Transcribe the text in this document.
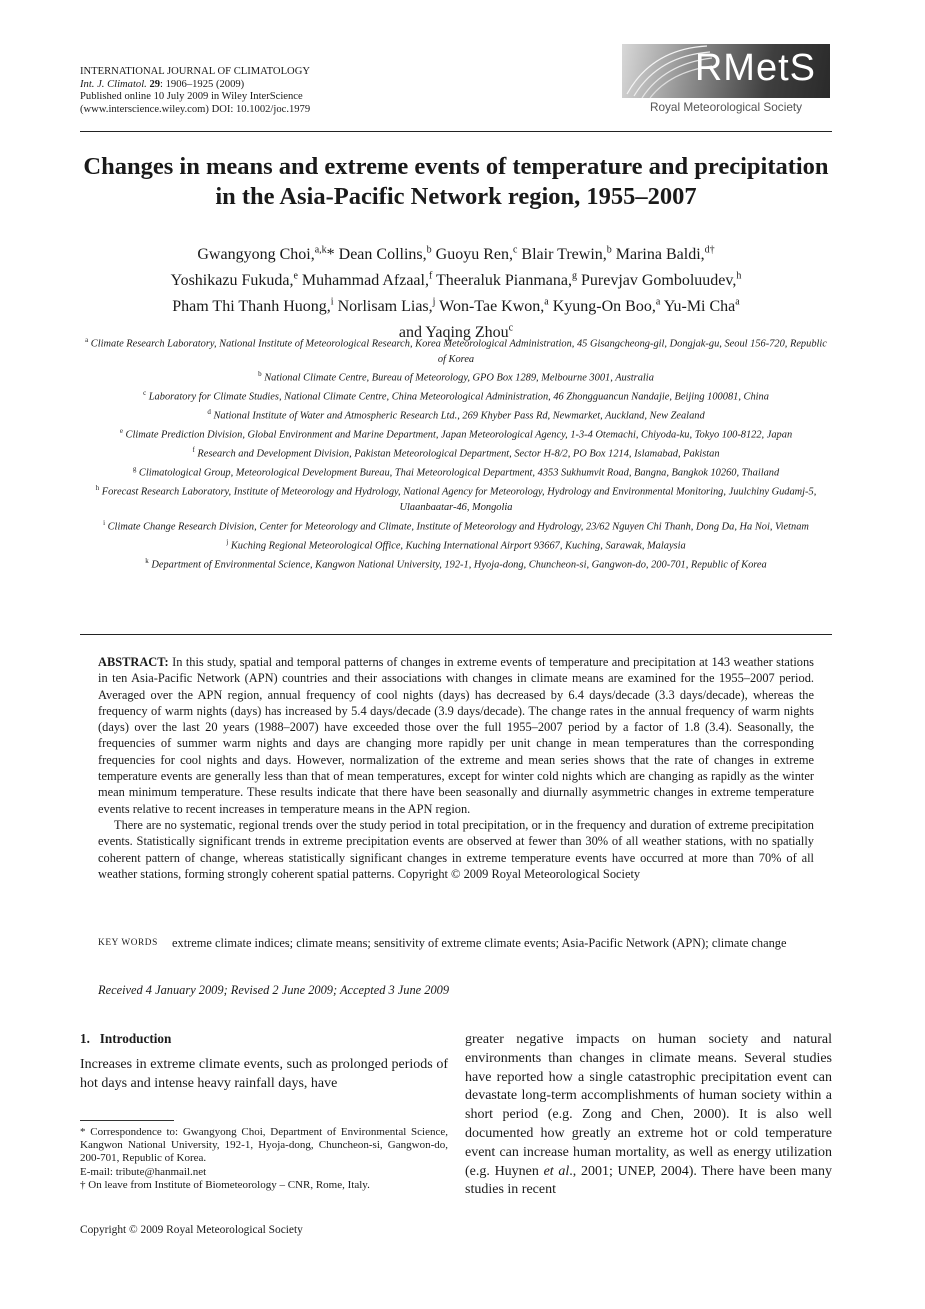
INTERNATIONAL JOURNAL OF CLIMATOLOGY
Int. J. Climatol. 29: 1906–1925 (2009)
Published online 10 July 2009 in Wiley InterScience
(www.interscience.wiley.com) DOI: 10.1002/joc.1979
RMetS
Royal Meteorological Society
Changes in means and extreme events of temperature and precipitation in the Asia-Pacific Network region, 1955–2007
Gwangyong Choi,$^{a,k}$* Dean Collins,$^b$ Guoyu Ren,$^c$ Blair Trewin,$^b$ Marina Baldi,$^{d\dagger}$
Yoshikazu Fukuda,$^e$ Muhammad Afzaal,$^f$ Theeraluk Pianmana,$^g$ Purevjav Gomboluudev,$^h$
Pham Thi Thanh Huong,$^i$ Norlisam Lias,$^j$ Won-Tae Kwon,$^a$ Kyung-On Boo,$^a$ Yu-Mi Cha$^a$
and Yaqing Zhou$^c$
$^a$ Climate Research Laboratory, National Institute of Meteorological Research, Korea Meteorological Administration, 45 Gisangcheong-gil, Dongjak-gu, Seoul 156-720, Republic of Korea
$^b$ National Climate Centre, Bureau of Meteorology, GPO Box 1289, Melbourne 3001, Australia
$^c$ Laboratory for Climate Studies, National Climate Centre, China Meteorological Administration, 46 Zhongguancun Nandajie, Beijing 100081, China
$^d$ National Institute of Water and Atmospheric Research Ltd., 269 Khyber Pass Rd, Newmarket, Auckland, New Zealand
$^e$ Climate Prediction Division, Global Environment and Marine Department, Japan Meteorological Agency, 1-3-4 Otemachi, Chiyoda-ku, Tokyo 100-8122, Japan
$^f$ Research and Development Division, Pakistan Meteorological Department, Sector H-8/2, PO Box 1214, Islamabad, Pakistan
$^g$ Climatological Group, Meteorological Development Bureau, Thai Meteorological Department, 4353 Sukhumvit Road, Bangna, Bangkok 10260, Thailand
$^h$ Forecast Research Laboratory, Institute of Meteorology and Hydrology, National Agency for Meteorology, Hydrology and Environmental Monitoring, Juulchiny Gudamj-5, Ulaanbaatar-46, Mongolia
$^i$ Climate Change Research Division, Center for Meteorology and Climate, Institute of Meteorology and Hydrology, 23/62 Nguyen Chi Thanh, Dong Da, Ha Noi, Vietnam
$^j$ Kuching Regional Meteorological Office, Kuching International Airport 93667, Kuching, Sarawak, Malaysia
$^k$ Department of Environmental Science, Kangwon National University, 192-1, Hyoja-dong, Chuncheon-si, Gangwon-do, 200-701, Republic of Korea

ABSTRACT: In this study, spatial and temporal patterns of changes in extreme events of temperature and precipitation at 143 weather stations in ten Asia-Pacific Network (APN) countries and their associations with changes in climate means are examined for the 1955–2007 period. Averaged over the APN region, annual frequency of cool nights (days) has decreased by 6.4 days/decade (3.3 days/decade), whereas the frequency of warm nights (days) has increased by 5.4 days/decade (3.9 days/decade). The change rates in the annual frequency of warm nights (days) over the last 20 years (1988–2007) have exceeded those over the full 1955–2007 period by a factor of 1.8 (3.4). Seasonally, the frequencies of summer warm nights and days are changing more rapidly per unit change in mean temperatures than the corresponding frequencies for cool nights and days. However, normalization of the extreme and mean series shows that the rate of changes in extreme temperature events are generally less than that of mean temperatures, except for winter cold nights which are changing as rapidly as the winter mean minimum temperature. These results indicate that there have been seasonally and diurnally asymmetric changes in extreme temperature events relative to recent increases in temperature means in the APN region.

There are no systematic, regional trends over the study period in total precipitation, or in the frequency and duration of extreme precipitation events. Statistically significant trends in extreme precipitation events are observed at fewer than 30% of all weather stations, with no spatially coherent pattern of change, whereas statistically significant changes in extreme temperature events have occurred at more than 70% of all weather stations, forming strongly coherent spatial patterns. Copyright © 2009 Royal Meteorological Society

KEY WORDS extreme climate indices; climate means; sensitivity of extreme climate events; Asia-Pacific Network (APN); climate change
Received 4 January 2009; Revised 2 June 2009; Accepted 3 June 2009
1. Introduction
Increases in extreme climate events, such as prolonged periods of hot days and intense heavy rainfall days, have
greater negative impacts on human society and natural environments than changes in climate means. Several studies have reported how a single catastrophic precipitation event can devastate long-term accomplishments of human society within a short period (e.g. Zong and Chen, 2000). It is also well documented how greatly an extreme hot or cold temperature event can increase human mortality, as well as energy utilization (e.g. Huynen et al., 2001; UNEP, 2004). There have been many studies in recent

* Correspondence to: Gwangyong Choi, Department of Environmental Science, Kangwon National University, 192-1, Hyoja-dong, Chuncheon-si, Gangwon-do, 200-701, Republic of Korea.

E-mail: tribute@hanmail.net

† On leave from Institute of Biometeorology – CNR, Rome, Italy.

Copyright © 2009 Royal Meteorological Society
